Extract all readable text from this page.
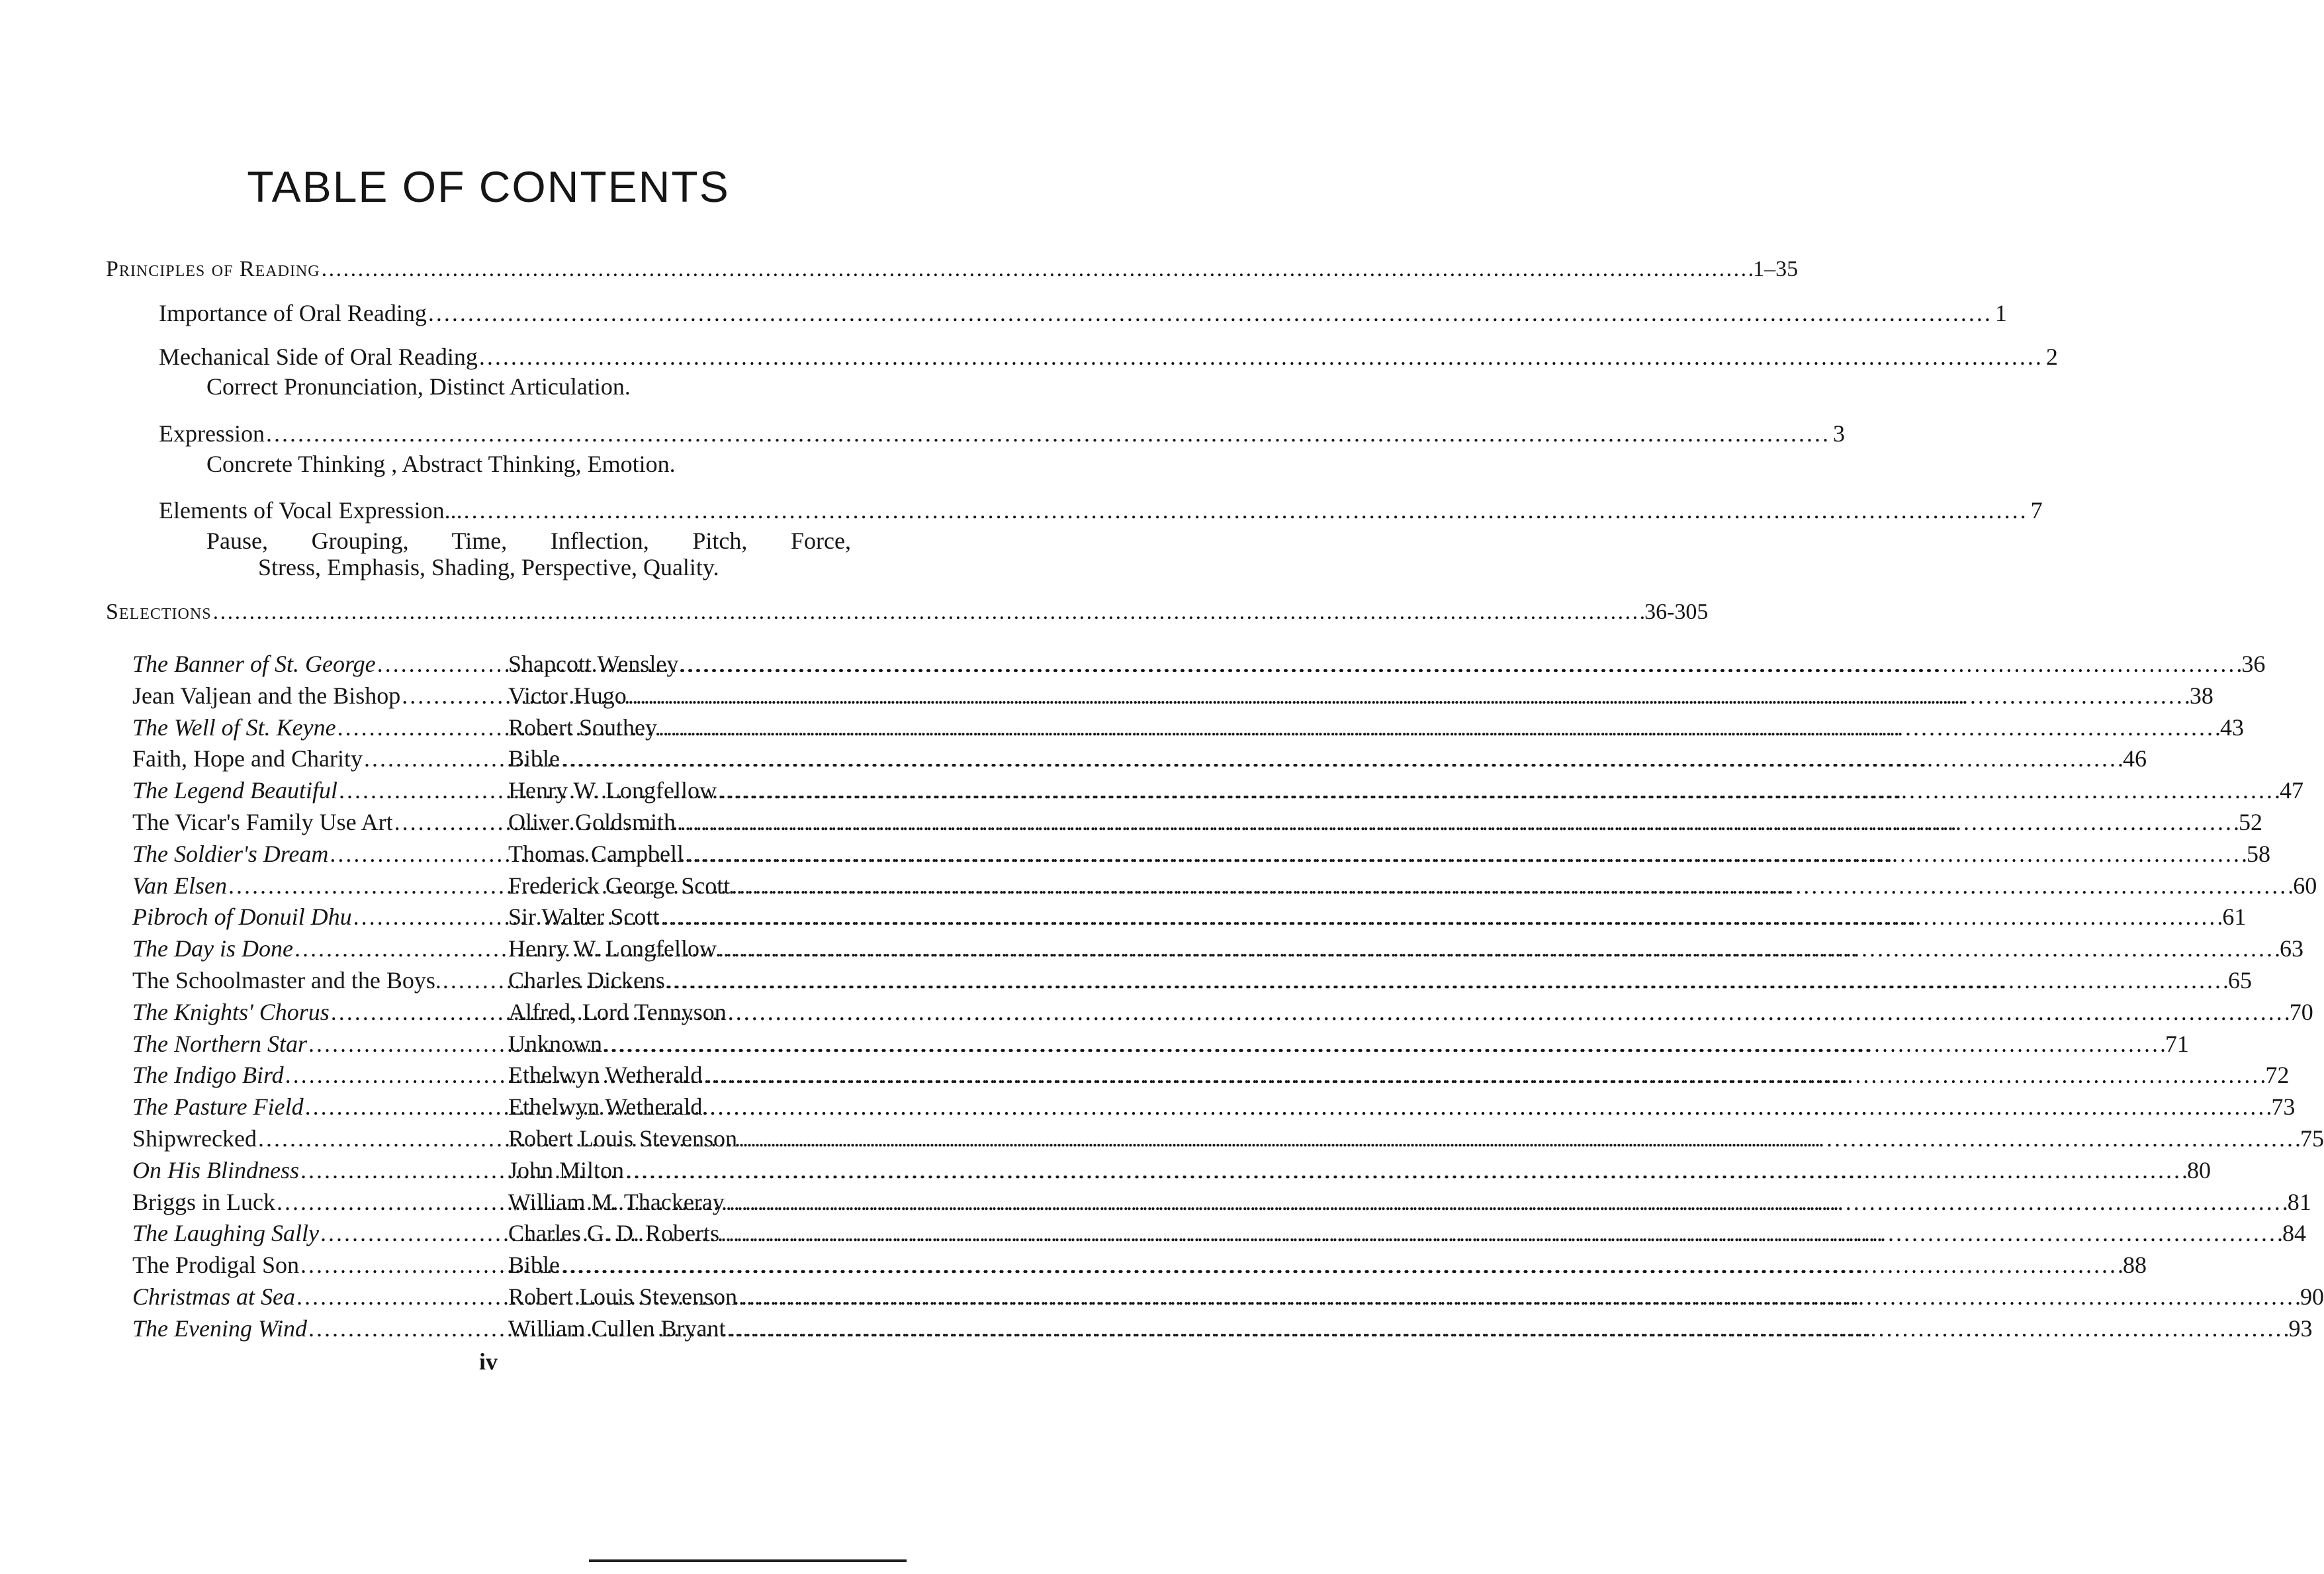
TABLE OF CONTENTS
Principles of Reading . . .	1–35
Importance of Oral Reading . . .	1
Mechanical Side of Oral Reading . . .	2
Correct Pronunciation, Distinct Articulation.
Expression . . .	3
Concrete Thinking , Abstract Thinking, Emotion.
Elements of Vocal Expression... . . .	7
Pause, Grouping, Time, Inflection, Pitch, Force,
Stress, Emphasis, Shading, Perspective, Quality.
Selections . . .	36-305
The Banner of St. George . . .	Shapcott Wensley . . .	36
Jean Valjean and the Bishop . . .	Victor Hugo . . .	38
The Well of St. Keyne . . .	Robert Southey . . .	43
Faith, Hope and Charity . . .	Bible . . .	46
The Legend Beautiful . . .	Henry W. Longfellow . . .	47
The Vicar's Family Use Art . . .	Oliver Goldsmith . . .	52
The Soldier's Dream . . .	Thomas Campbell . . .	58
Van Elsen . . .	Frederick George Scott . . .	60
Pibroch of Donuil Dhu . . .	Sir Walter Scott . . .	61
The Day is Done . . .	Henry W. Longfellow . . .	63
The Schoolmaster and the Boys. . . .	Charles Dickens . . .	65
The Knights' Chorus . . .	Alfred, Lord Tennyson . . .	70
The Northern Star . . .	Unknown . . .	71
The Indigo Bird . . .	Ethelwyn Wetherald . . .	72
The Pasture Field . . .	Ethelwyn Wetherald. . . .	73
Shipwrecked . . .	Robert Louis Stevenson . . .	75
On His Blindness . . .	John Milton . . .	80
Briggs in Luck . . .	William M. Thackeray . . .	81
The Laughing Sally . . .	Charles G. D. Roberts . . .	84
The Prodigal Son . . .	Bible . . .	88
Christmas at Sea . . .	Robert Louis Stevenson . . .	90
The Evening Wind . . .	William Cullen Bryant . . .	93
iv
